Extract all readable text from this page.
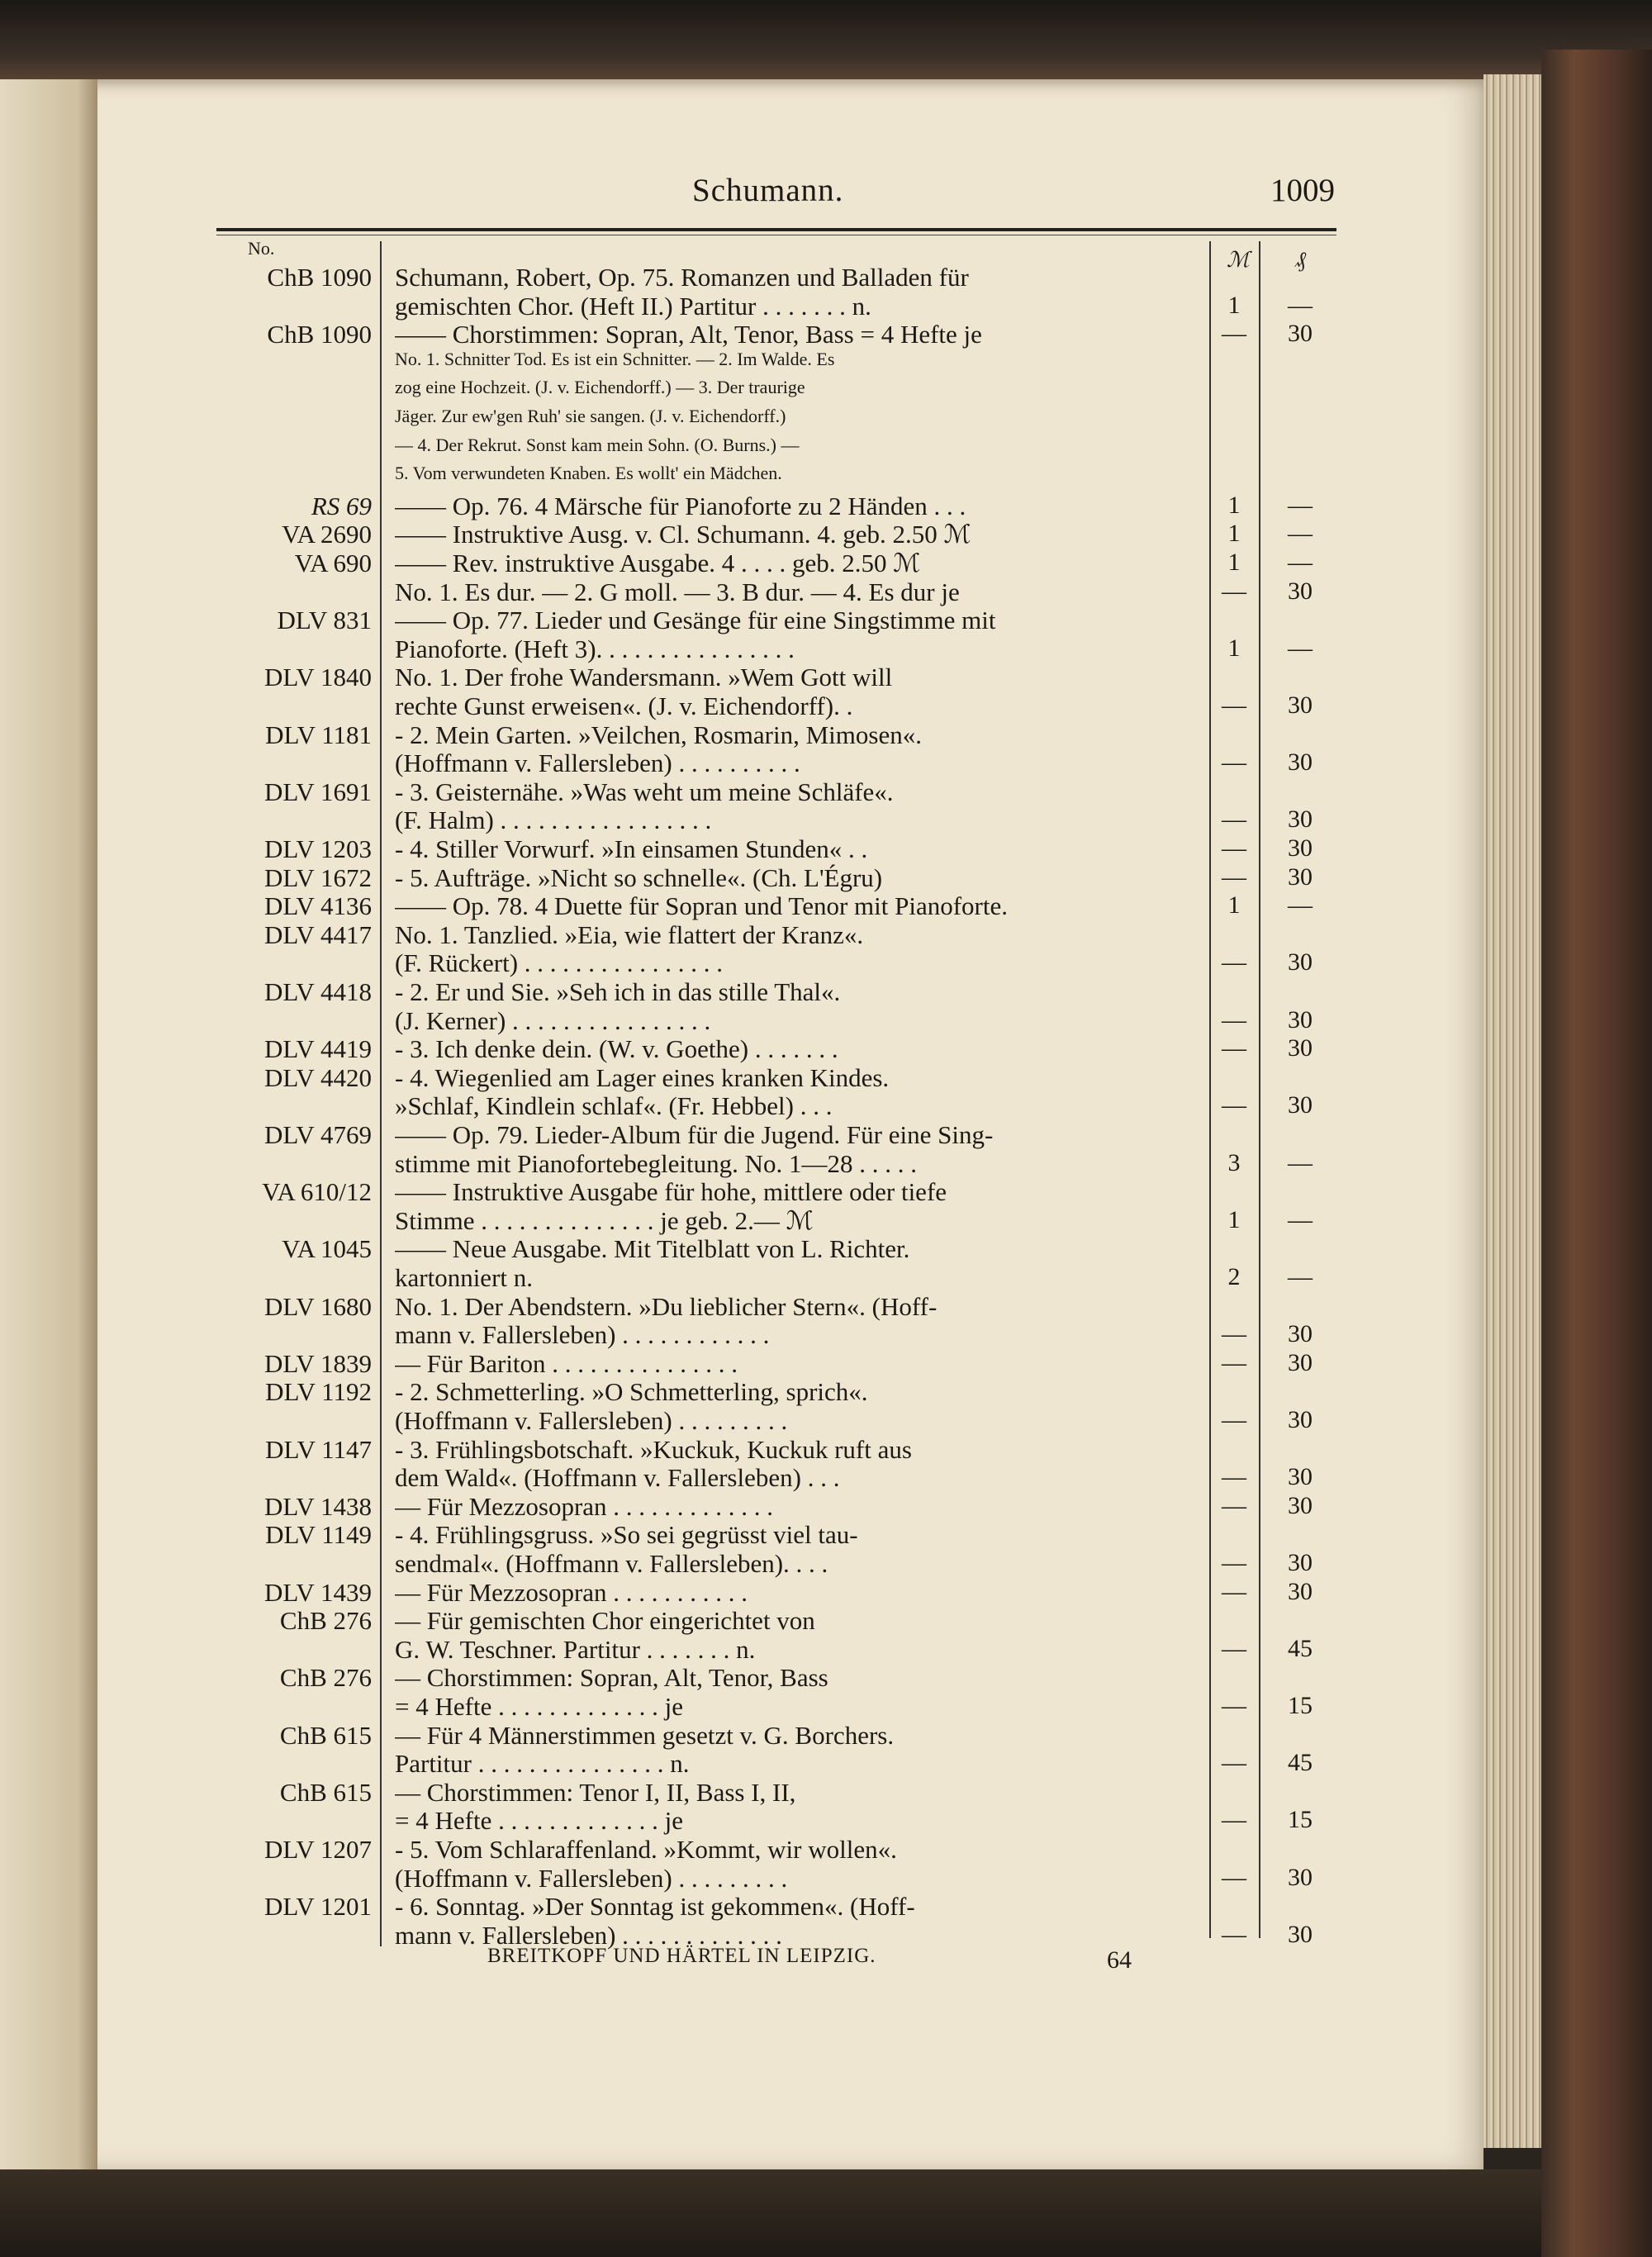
Schumann.	1009
No.	ℳ ₰
ChB 1090 Schumann, Robert, Op. 75. Romanzen und Balladen für
gemischten Chor. (Heft II.) Partitur . . . . . . . n.	1	—
ChB 1090 —— Chorstimmen: Sopran, Alt, Tenor, Bass = 4 Hefte je	—	30
No. 1. Schnitter Tod. Es ist ein Schnitter. — 2. Im Walde. Es
zog eine Hochzeit. (J. v. Eichendorff.) — 3. Der traurige
Jäger. Zur ew'gen Ruh' sie sangen. (J. v. Eichendorff.)
— 4. Der Rekrut. Sonst kam mein Sohn. (O. Burns.) —
5. Vom verwundeten Knaben. Es wollt' ein Mädchen.
RS 69 —— Op. 76. 4 Märsche für Pianoforte zu 2 Händen . . .	1	—
VA 2690 —— Instruktive Ausg. v. Cl. Schumann. 4. geb. 2.50 ℳ	1	—
VA 690 —— Rev. instruktive Ausgabe. 4 . . . . geb. 2.50 ℳ	1	—
No. 1. Es dur. — 2. G moll. — 3. B dur. — 4. Es dur je	—	30
DLV 831 —— Op. 77. Lieder und Gesänge für eine Singstimme mit
Pianoforte. (Heft 3). . . . . . . . . . . . . . . .	1	—
DLV 1840 No. 1. Der frohe Wandersmann. »Wem Gott will
rechte Gunst erweisen«. (J. v. Eichendorff). .	—	30
DLV 1181 - 2. Mein Garten. »Veilchen, Rosmarin, Mimosen«.
(Hoffmann v. Fallersleben) . . . . . . . . . .	—	30
DLV 1691 - 3. Geisternähe. »Was weht um meine Schläfe«.
(F. Halm) . . . . . . . . . . . . . . . . .	—	30
DLV 1203 - 4. Stiller Vorwurf. »In einsamen Stunden« . .	—	30
DLV 1672 - 5. Aufträge. »Nicht so schnelle«. (Ch. L'Égru)	—	30
DLV 4136 —— Op. 78. 4 Duette für Sopran und Tenor mit Pianoforte.	1	—
DLV 4417 No. 1. Tanzlied. »Eia, wie flattert der Kranz«.
(F. Rückert) . . . . . . . . . . . . . . . .	—	30
DLV 4418 - 2. Er und Sie. »Seh ich in das stille Thal«.
(J. Kerner) . . . . . . . . . . . . . . . .	—	30
DLV 4419 - 3. Ich denke dein. (W. v. Goethe) . . . . . . .	—	30
DLV 4420 - 4. Wiegenlied am Lager eines kranken Kindes.
»Schlaf, Kindlein schlaf«. (Fr. Hebbel) . . .	—	30
DLV 4769 —— Op. 79. Lieder-Album für die Jugend. Für eine Sing-
stimme mit Pianofortebegleitung. No. 1—28 . . . . .	3	—
VA 610/12 —— Instruktive Ausgabe für hohe, mittlere oder tiefe
Stimme . . . . . . . . . . . . . . je geb. 2.— ℳ	1	—
VA 1045 —— Neue Ausgabe. Mit Titelblatt von L. Richter.
kartonniert n.	2	—
DLV 1680 No. 1. Der Abendstern. »Du lieblicher Stern«. (Hoff-
mann v. Fallersleben) . . . . . . . . . . . .	—	30
DLV 1839 — Für Bariton . . . . . . . . . . . . . . .	—	30
DLV 1192 - 2. Schmetterling. »O Schmetterling, sprich«.
(Hoffmann v. Fallersleben) . . . . . . . . .	—	30
DLV 1147 - 3. Frühlingsbotschaft. »Kuckuk, Kuckuk ruft aus
dem Wald«. (Hoffmann v. Fallersleben) . . .	—	30
DLV 1438 — Für Mezzosopran . . . . . . . . . . . . .	—	30
DLV 1149 - 4. Frühlingsgruss. »So sei gegrüsst viel tau-
sendmal«. (Hoffmann v. Fallersleben). . . .	—	30
DLV 1439 — Für Mezzosopran . . . . . . . . . . .	—	30
ChB 276 — Für gemischten Chor eingerichtet von
G. W. Teschner. Partitur . . . . . . . n.	—	45
ChB 276 — Chorstimmen: Sopran, Alt, Tenor, Bass
= 4 Hefte . . . . . . . . . . . . . je	—	15
ChB 615 — Für 4 Männerstimmen gesetzt v. G. Borchers.
Partitur . . . . . . . . . . . . . . . n.	—	45
ChB 615 — Chorstimmen: Tenor I, II, Bass I, II,
= 4 Hefte . . . . . . . . . . . . . je	—	15
DLV 1207 - 5. Vom Schlaraffenland. »Kommt, wir wollen«.
(Hoffmann v. Fallersleben) . . . . . . . . .	—	30
DLV 1201 - 6. Sonntag. »Der Sonntag ist gekommen«. (Hoff-
mann v. Fallersleben) . . . . . . . . . . . . .	—	30
BREITKOPF UND HÄRTEL IN LEIPZIG.	64
